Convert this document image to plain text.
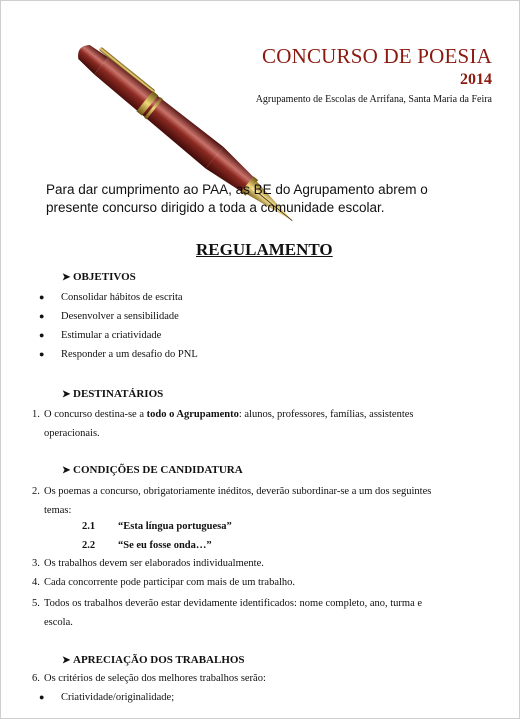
CONCURSO DE POESIA
2014
Agrupamento de Escolas de Arrifana, Santa Maria da Feira
Para dar cumprimento ao PAA, as BE do Agrupamento abrem o presente concurso dirigido a toda a comunidade escolar.
REGULAMENTO
➤ OBJETIVOS
● Consolidar hábitos de escrita
● Desenvolver a sensibilidade
● Estimular a criatividade
● Responder a um desafio do PNL
➤ DESTINATÁRIOS
1. O concurso destina-se a todo o Agrupamento: alunos, professores, famílias, assistentes
operacionais.
➤ CONDIÇÕES DE CANDIDATURA
2. Os poemas a concurso, obrigatoriamente inéditos, deverão subordinar-se a um dos seguintes
temas:
2.1 “Esta língua portuguesa”
2.2 “Se eu fosse onda…”
3. Os trabalhos devem ser elaborados individualmente.
4. Cada concorrente pode participar com mais de um trabalho.
5. Todos os trabalhos deverão estar devidamente identificados: nome completo, ano, turma e
escola.
➤ APRECIAÇÃO DOS TRABALHOS
6. Os critérios de seleção dos melhores trabalhos serão:
● Criatividade/originalidade;
